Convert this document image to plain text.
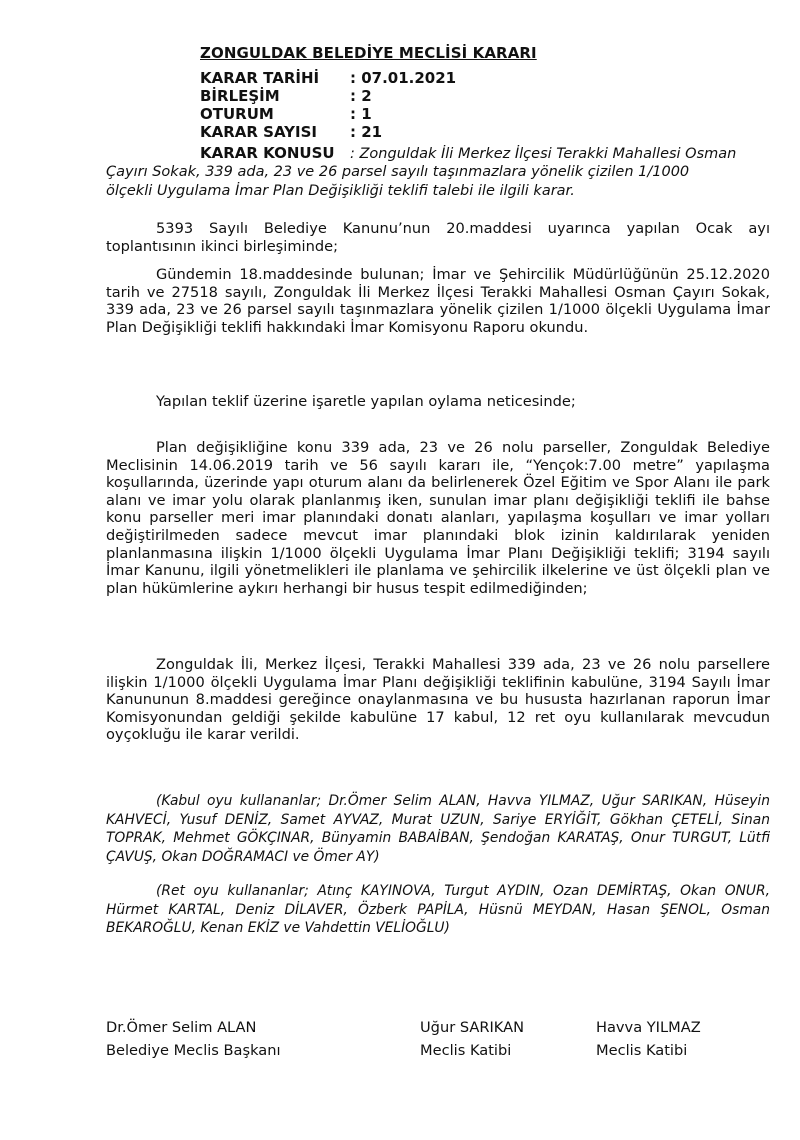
ZONGULDAK BELEDİYE MECLİSİ KARARI
KARAR TARİHİ : 07.01.2021
BİRLEŞİM	: 2
OTURUM	: 1
KARAR SAYISI : 21
KARAR KONUSU : Zonguldak İli Merkez İlçesi Terakki Mahallesi Osman
Çayırı Sokak, 339 ada, 23 ve 26 parsel sayılı taşınmazlara yönelik çizilen 1/1000
ölçekli Uygulama İmar Plan Değişikliği teklifi talebi ile ilgili karar.
5393 Sayılı Belediye Kanunu’nun 20.maddesi uyarınca yapılan Ocak ayı toplantısının ikinci birleşiminde;
Gündemin 18.maddesinde bulunan; İmar ve Şehircilik Müdürlüğünün 25.12.2020 tarih ve 27518 sayılı, Zonguldak İli Merkez İlçesi Terakki Mahallesi Osman Çayırı Sokak, 339 ada, 23 ve 26 parsel sayılı taşınmazlara yönelik çizilen 1/1000 ölçekli Uygulama İmar Plan Değişikliği teklifi hakkındaki İmar Komisyonu Raporu okundu.
Yapılan teklif üzerine işaretle yapılan oylama neticesinde;
Plan değişikliğine konu 339 ada, 23 ve 26 nolu parseller, Zonguldak Belediye Meclisinin 14.06.2019 tarih ve 56 sayılı kararı ile, “Yençok:7.00 metre” yapılaşma koşullarında, üzerinde yapı oturum alanı da belirlenerek Özel Eğitim ve Spor Alanı ile park alanı ve imar yolu olarak planlanmış iken, sunulan imar planı değişikliği teklifi ile bahse konu parseller meri imar planındaki donatı alanları, yapılaşma koşulları ve imar yolları değiştirilmeden sadece mevcut imar planındaki blok izinin kaldırılarak yeniden planlanmasına ilişkin 1/1000 ölçekli Uygulama İmar Planı Değişikliği teklifi; 3194 sayılı İmar Kanunu, ilgili yönetmelikleri ile planlama ve şehircilik ilkelerine ve üst ölçekli plan ve plan hükümlerine aykırı herhangi bir husus tespit edilmediğinden;
Zonguldak İli, Merkez İlçesi, Terakki Mahallesi 339 ada, 23 ve 26 nolu parsellere ilişkin 1/1000 ölçekli Uygulama İmar Planı değişikliği teklifinin kabulüne, 3194 Sayılı İmar Kanununun 8.maddesi gereğince onaylanmasına ve bu hususta hazırlanan raporun İmar Komisyonundan geldiği şekilde kabulüne 17 kabul, 12 ret oyu kullanılarak mevcudun oyçokluğu ile karar verildi.
(Kabul oyu kullananlar; Dr.Ömer Selim ALAN, Havva YILMAZ, Uğur SARIKAN, Hüseyin KAHVECİ, Yusuf DENİZ, Samet AYVAZ, Murat UZUN, Sariye ERYİĞİT, Gökhan ÇETELİ, Sinan TOPRAK, Mehmet GÖKÇINAR, Bünyamin BABAİBAN, Şendoğan KARATAŞ, Onur TURGUT, Lütfi ÇAVUŞ, Okan DOĞRAMACI ve Ömer AY)
(Ret oyu kullananlar; Atınç KAYINOVA, Turgut AYDIN, Ozan DEMİRTAŞ, Okan ONUR, Hürmet KARTAL, Deniz DİLAVER, Özberk PAPİLA, Hüsnü MEYDAN, Hasan ŞENOL, Osman BEKAROĞLU, Kenan EKİZ ve Vahdettin VELİOĞLU)
Dr.Ömer Selim ALAN
Belediye Meclis Başkanı
Uğur SARIKAN
Meclis Katibi
Havva YILMAZ
Meclis Katibi
